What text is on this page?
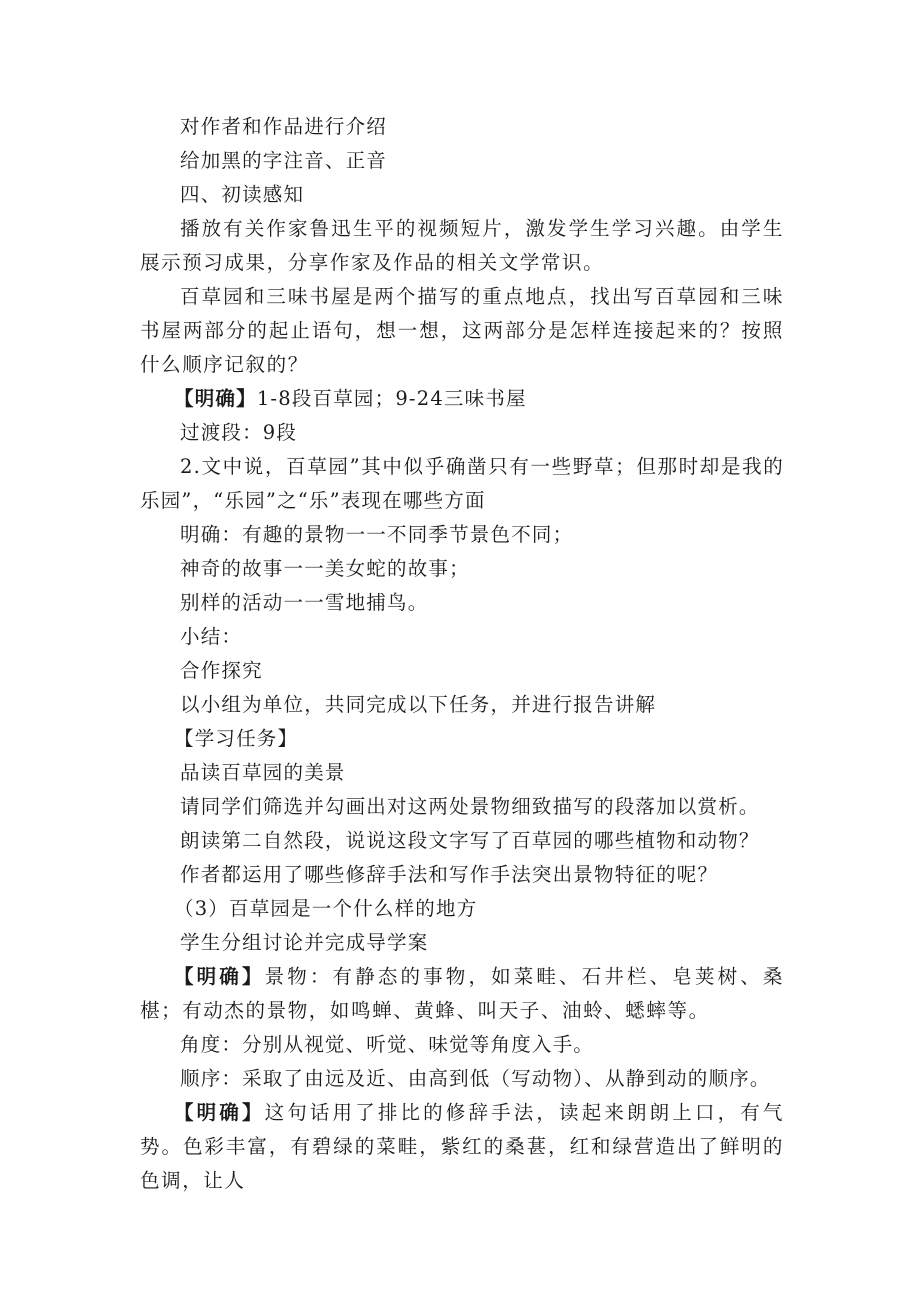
对作者和作品进行介绍

给加黑的字注音、正音

四、初读感知

播放有关作家鲁迅生平的视频短片，激发学生学习兴趣。由学生展示预习成果，分享作家及作品的相关文学常识。

百草园和三味书屋是两个描写的重点地点，找出写百草园和三味书屋两部分的起止语句，想一想，这两部分是怎样连接起来的？按照什么顺序记叙的？

【明确】1-8段百草园；9-24三味书屋

过渡段：9段

2.文中说，百草园”其中似乎确凿只有一些野草；但那时却是我的乐园”，“乐园”之“乐”表现在哪些方面

明确：有趣的景物一一不同季节景色不同；

神奇的故事一一美女蛇的故事；

别样的活动一一雪地捕鸟。

小结：

合作探究

以小组为单位，共同完成以下任务，并进行报告讲解

【学习任务】

品读百草园的美景

请同学们筛选并勾画出对这两处景物细致描写的段落加以赏析。

朗读第二自然段，说说这段文字写了百草园的哪些植物和动物？

作者都运用了哪些修辞手法和写作手法突出景物特征的呢？

（3）百草园是一个什么样的地方

学生分组讨论并完成导学案

【明确】景物：有静态的事物，如菜畦、石井栏、皂荚树、桑椹；有动杰的景物，如鸣蝉、黄蜂、叫天子、油蛉、蟋蟀等。

角度：分别从视觉、听觉、味觉等角度入手。

顺序：采取了由远及近、由高到低（写动物）、从静到动的顺序。

【明确】这句话用了排比的修辞手法，读起来朗朗上口，有气势。色彩丰富，有碧绿的菜畦，紫红的桑葚，红和绿营造出了鲜明的色调，让人
